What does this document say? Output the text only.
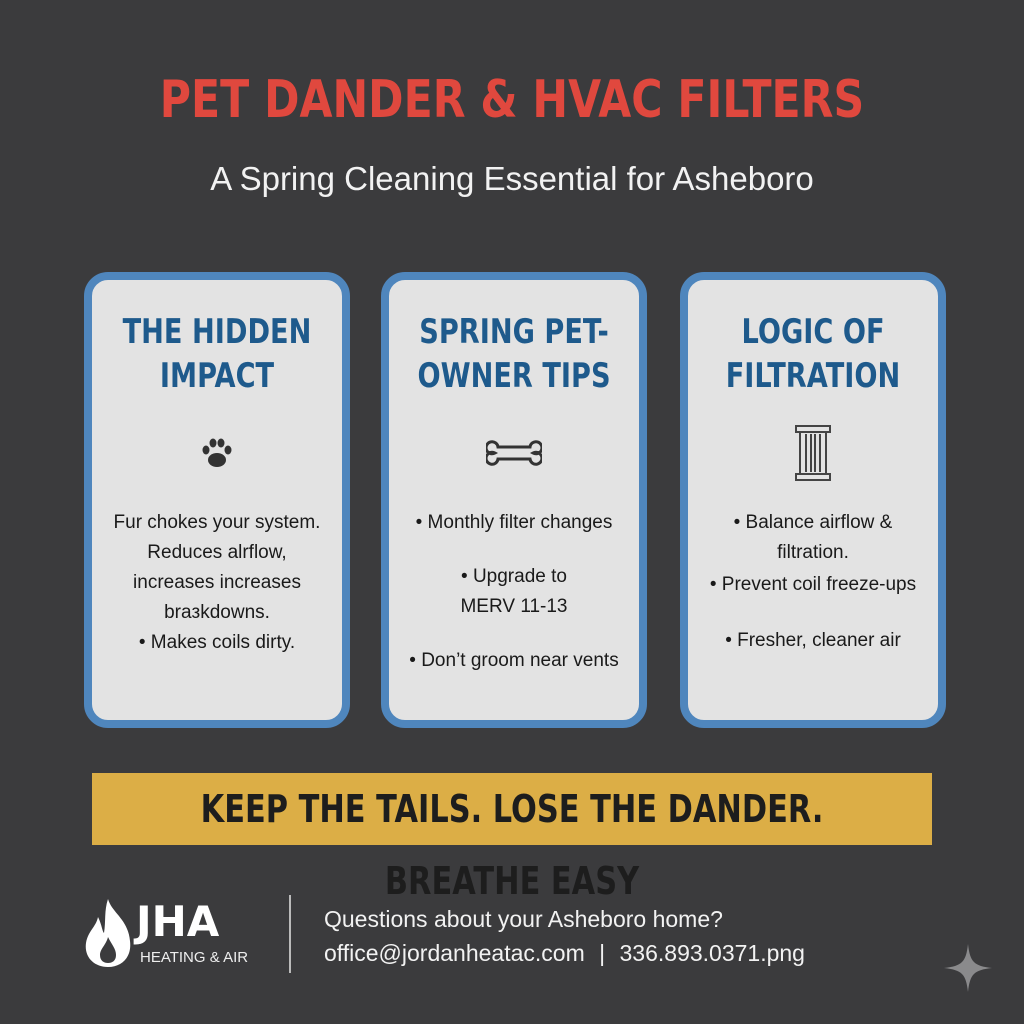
PET DANDER & HVAC FILTERS
A Spring Cleaning Essential for Asheboro
THE HIDDEN IMPACT

Fur chokes your system.

Reduces alrflow,

increases increases

braзkdowns.

• Makes coils dirty.

SPRING PET-OWNER TIPS

• Monthly filter changes

• Upgrade to

MERV 11-13

• Don’t groom near vents

LOGIC OF FILTRATION

• Balance airflow &

filtration.

• Prevent coil freeze-ups

• Fresher, cleaner air

KEEP THE TAILS. LOSE THE DANDER. BREATHE EASY
JHA
HEATING & AIR
Questions about your Asheboro home?
office@jordanheatac.com | 336.893.0371.png
